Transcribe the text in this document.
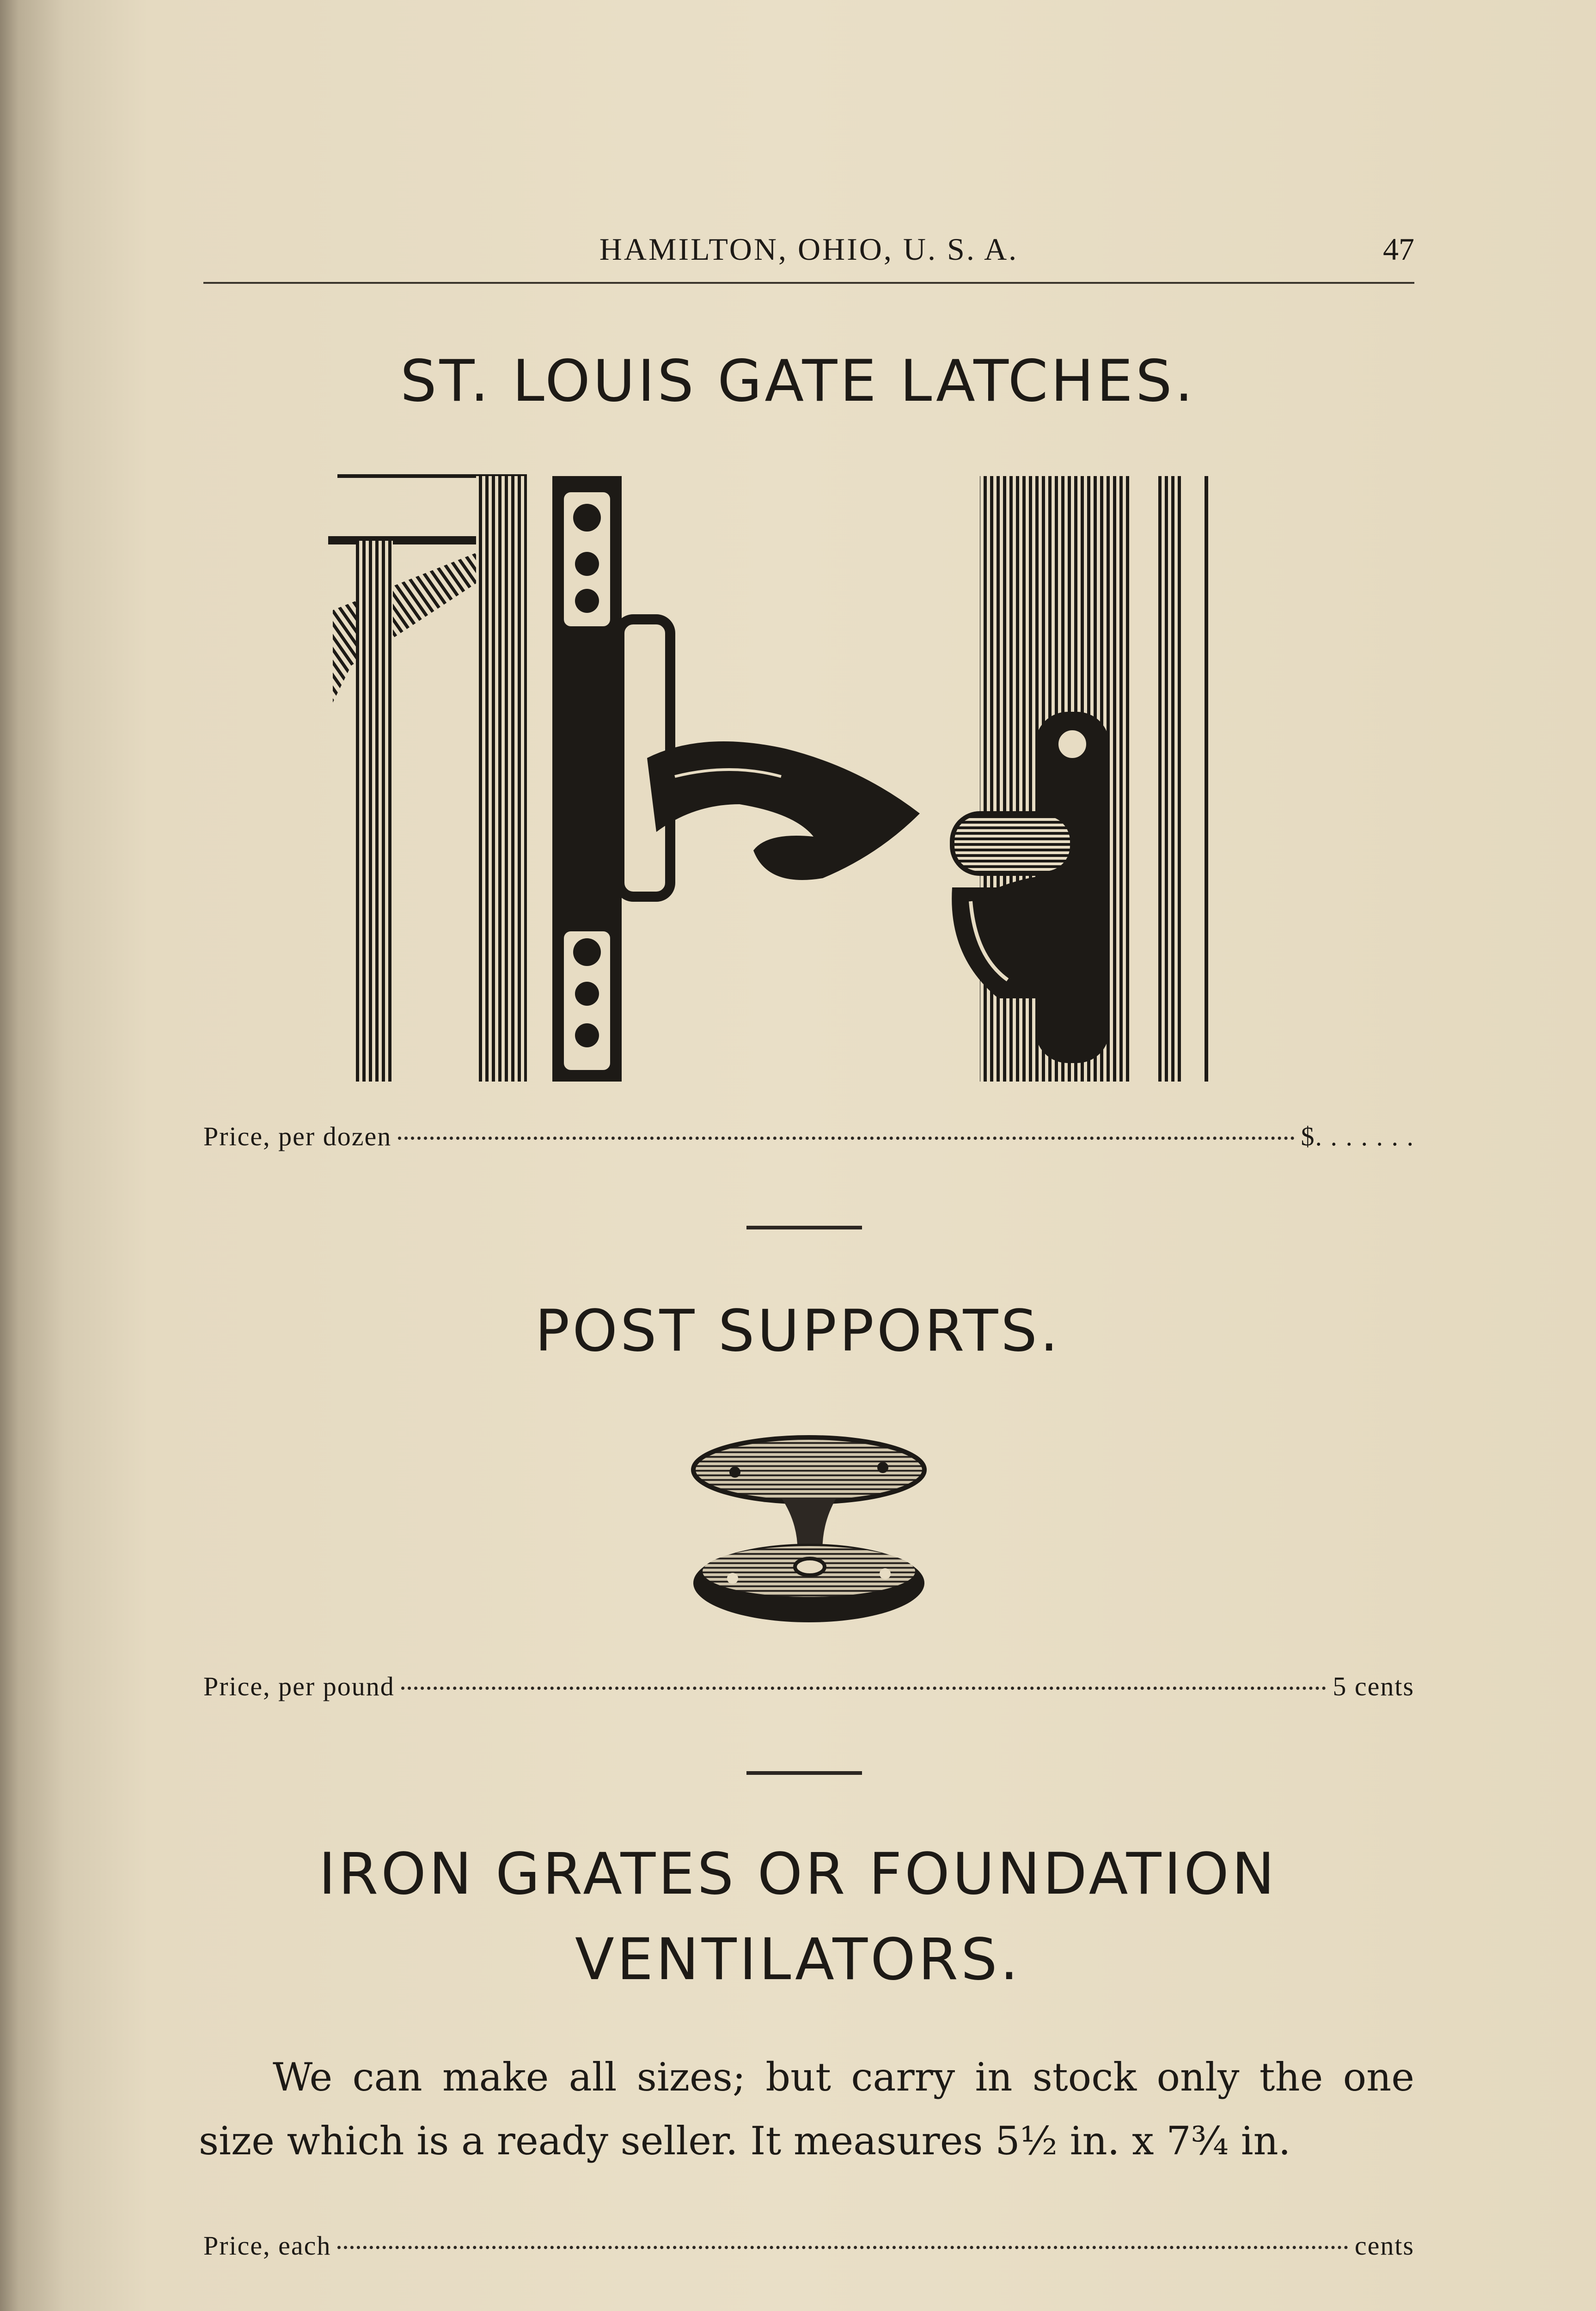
HAMILTON, OHIO, U. S. A.	47
ST. LOUIS GATE LATCHES.
Price, per dozen	$. . . . . . .
POST SUPPORTS.
Price, per pound	5 cents
IRON GRATES OR FOUNDATION
VENTILATORS.
We can make all sizes; but carry in stock only the one size which is a ready seller. It measures 5½ in. x 7¾ in.
Price, each	cents
